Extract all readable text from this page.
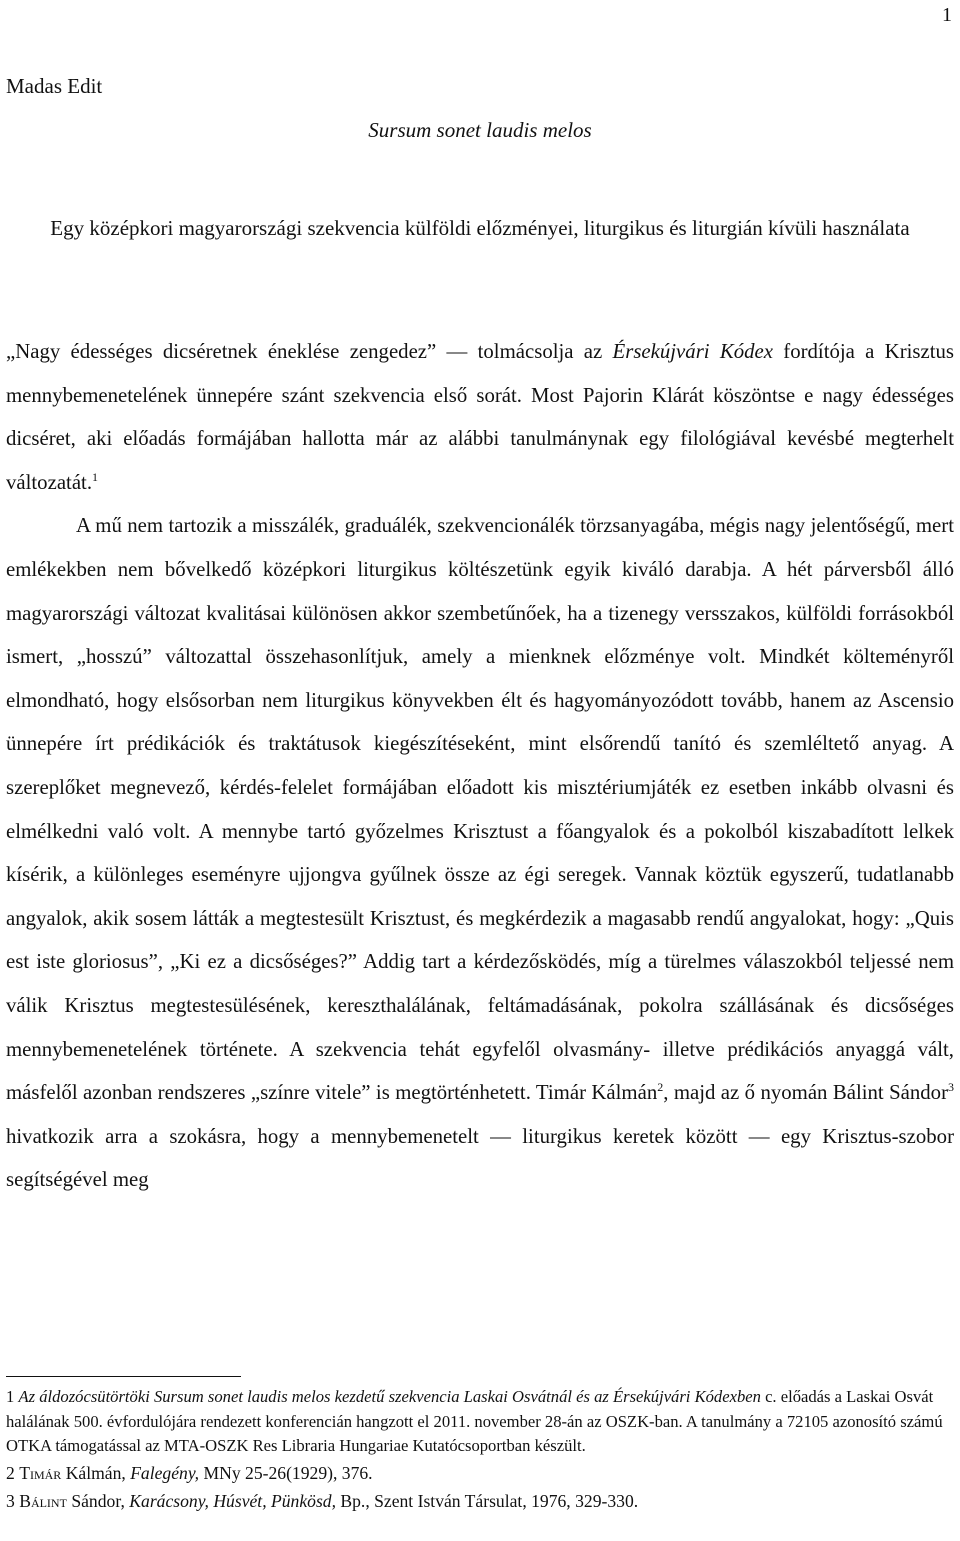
1
Madas Edit
Sursum sonet laudis melos
Egy középkori magyarországi szekvencia külföldi előzményei, liturgikus és liturgián kívüli használata

„Nagy édességes dicséretnek éneklése zengedez” ― tolmácsolja az Érsekújvári Kódex fordítója a Krisztus mennybemenetelének ünnepére szánt szekvencia első sorát. Most Pajorin Klárát köszöntse e nagy édességes dicséret, aki előadás formájában hallotta már az alábbi tanulmánynak egy filológiával kevésbé megterhelt változatát.$^1$

A mű nem tartozik a misszálék, graduálék, szekvencionálék törzsanyagába, mégis nagy jelentőségű, mert emlékekben nem bővelkedő középkori liturgikus költészetünk egyik kiváló darabja. A hét párversből álló magyarországi változat kvalitásai különösen akkor szembetűnőek, ha a tizenegy versszakos, külföldi forrásokból ismert, „hosszú” változattal összehasonlítjuk, amely a mienknek előzménye volt. Mindkét költeményről elmondható, hogy elsősorban nem liturgikus könyvekben élt és hagyományozódott tovább, hanem az Ascensio ünnepére írt prédikációk és traktátusok kiegészítéseként, mint elsőrendű tanító és szemléltető anyag. A szereplőket megnevező, kérdés-felelet formájában előadott kis misztériumjáték ez esetben inkább olvasni és elmélkedni való volt. A mennybe tartó győzelmes Krisztust a főangyalok és a pokolból kiszabadított lelkek kísérik, a különleges eseményre ujjongva gyűlnek össze az égi seregek. Vannak köztük egyszerű, tudatlanabb angyalok, akik sosem látták a megtestesült Krisztust, és megkérdezik a magasabb rendű angyalokat, hogy: „Quis est iste gloriosus”, „Ki ez a dicsőséges?” Addig tart a kérdezősködés, míg a türelmes válaszokból teljessé nem válik Krisztus megtestesülésének, kereszthalálának, feltámadásának, pokolra szállásának és dicsőséges mennybemenetelének története. A szekvencia tehát egyfelől olvasmány- illetve prédikációs anyaggá vált, másfelől azonban rendszeres „színre vitele” is megtörténhetett. Timár Kálmán$^2$, majd az ő nyomán Bálint Sándor$^3$ hivatkozik arra a szokásra, hogy a mennybemenetelt ― liturgikus keretek között ― egy Krisztus-szobor segítségével meg

1 Az áldozócsütörtöki Sursum sonet laudis melos kezdetű szekvencia Laskai Osvátnál és az Érsekújvári Kódexben c. előadás a Laskai Osvát halálának 500. évfordulójára rendezett konferencián hangzott el 2011. november 28-án az OSZK-ban. A tanulmány a 72105 azonosító számú OTKA támogatással az MTA-OSZK Res Libraria Hungariae Kutatócsoportban készült.

2 Timár Kálmán, Falegény, MNy 25-26(1929), 376.

3 Bálint Sándor, Karácsony, Húsvét, Pünkösd, Bp., Szent István Társulat, 1976, 329-330.
